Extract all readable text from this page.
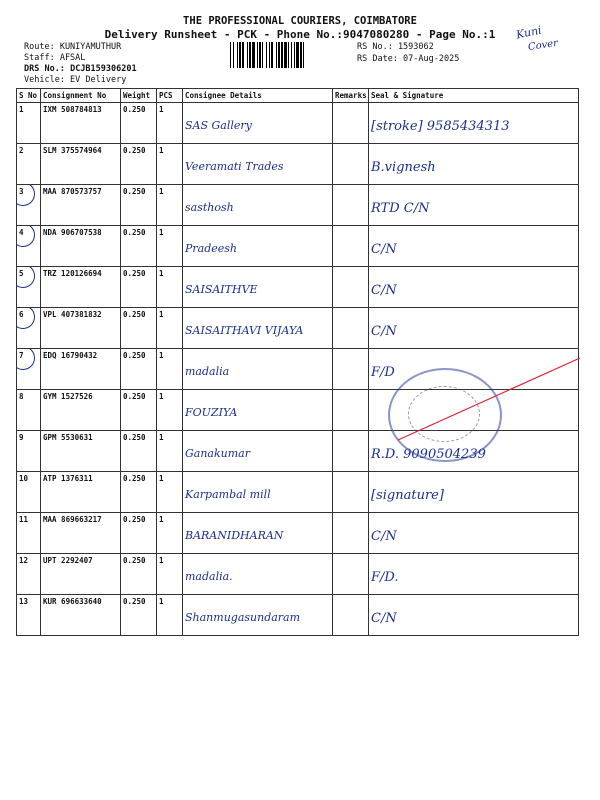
THE PROFESSIONAL COURIERS, COIMBATORE
Delivery Runsheet - PCK - Phone No.:9047080280 - Page No.:1
Route: KUNIYAMUTHUR
Staff: AFSAL
DRS No.: DCJB159306201
Vehicle: EV Delivery
RS No.: 1593062
RS Date: 07-Aug-2025
Kuni
Cover
S No	Consignment No	Weight	PCS	Consignee Details	Remarks	Seal & Signature
1	IXM 508784813	0.250	1	SAS Gallery		[stroke] 9585434313
2	SLM 375574964	0.250	1	Veeramati Trades		B.vignesh
3	MAA 870573757	0.250	1	sasthosh		RTD C/N
4	NDA 906707538	0.250	1	Pradeesh		C/N
5	TRZ 120126694	0.250	1	SAISAITHVE		C/N
6	VPL 407381832	0.250	1	SAISAITHAVI VIJAYA		C/N
7	EDQ 16790432	0.250	1	madalia		F/D
8	GYM 1527526	0.250	1	FOUZIYA		
9	GPM 5530631	0.250	1	Ganakumar		R.D. 9090504239
10	ATP 1376311	0.250	1	Karpambal mill		[signature]
11	MAA 869663217	0.250	1	BARANIDHARAN		C/N
12	UPT 2292407	0.250	1	madalia.		F/D.
13	KUR 696633640	0.250	1	Shanmugasundaram		C/N
